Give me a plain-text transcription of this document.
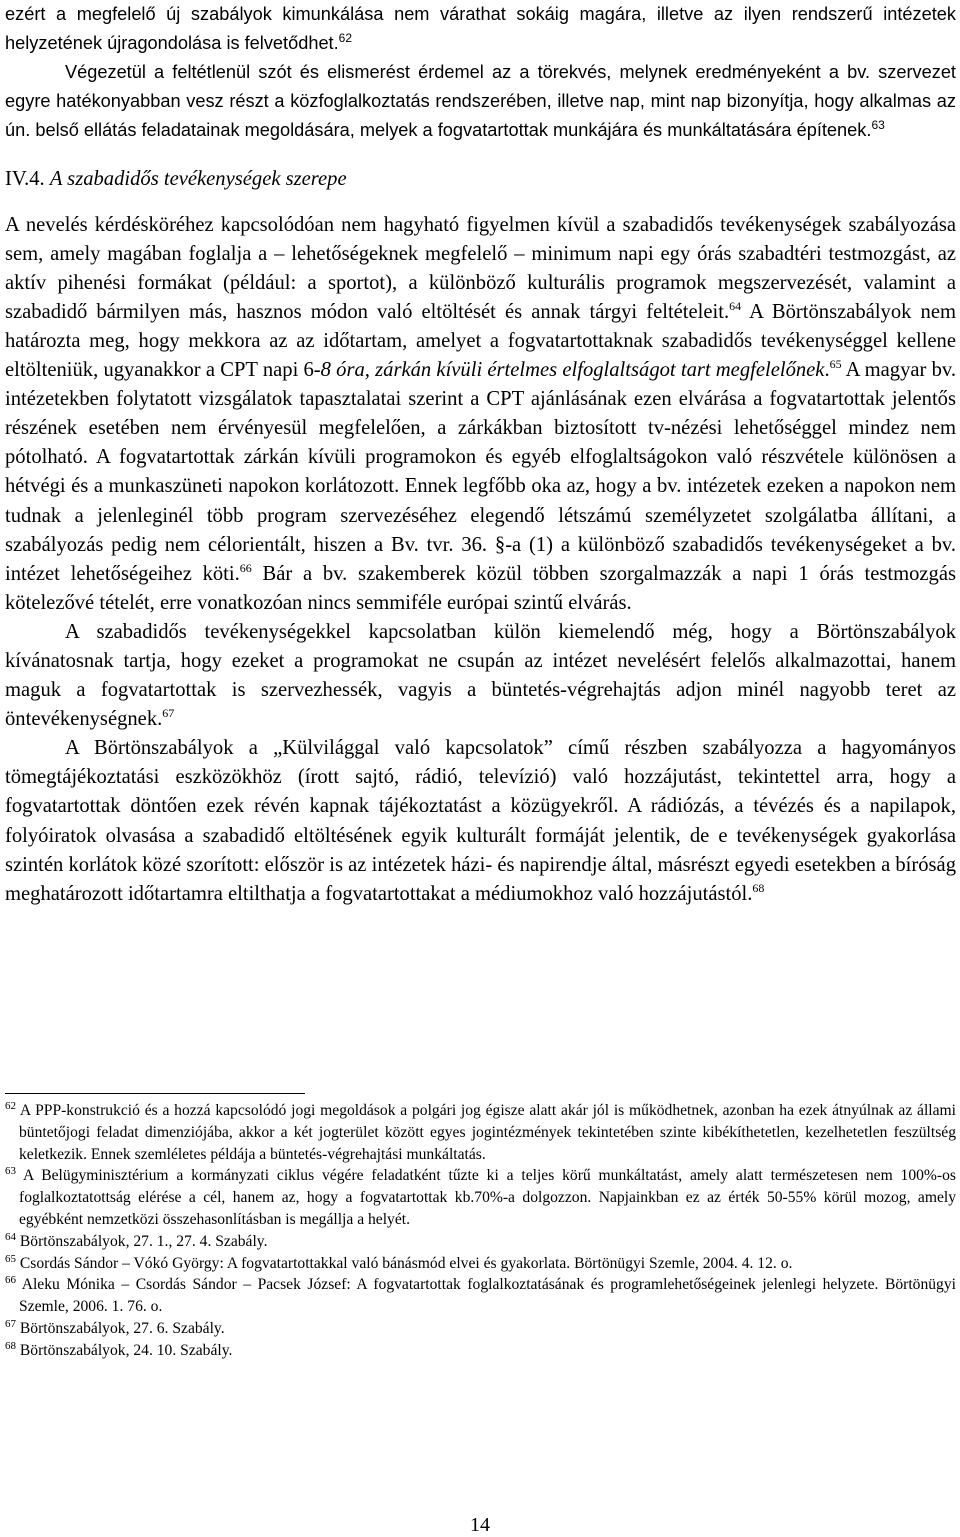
ezért a megfelelő új szabályok kimunkálása nem várathat sokáig magára, illetve az ilyen rendszerű intézetek helyzetének újragondolása is felvetődhet.$^{62}$

Végezetül a feltétlenül szót és elismerést érdemel az a törekvés, melynek eredményeként a bv. szervezet egyre hatékonyabban vesz részt a közfoglalkoztatás rendszerében, illetve nap, mint nap bizonyítja, hogy alkalmas az ún. belső ellátás feladatainak megoldására, melyek a fogvatartottak munkájára és munkáltatására építenek.$^{63}$

IV.4. A szabadidős tevékenységek szerepe

A nevelés kérdésköréhez kapcsolódóan nem hagyható figyelmen kívül a szabadidős tevékenységek szabályozása sem, amely magában foglalja a – lehetőségeknek megfelelő – minimum napi egy órás szabadtéri testmozgást, az aktív pihenési formákat (például: a sportot), a különböző kulturális programok megszervezését, valamint a szabadidő bármilyen más, hasznos módon való eltöltését és annak tárgyi feltételeit.$^{64}$ A Börtönszabályok nem határozta meg, hogy mekkora az az időtartam, amelyet a fogvatartottaknak szabadidős tevékenységgel kellene eltölteniük, ugyanakkor a CPT napi 6-8 óra, zárkán kívüli értelmes elfoglaltságot tart megfelelőnek.$^{65}$ A magyar bv. intézetekben folytatott vizsgálatok tapasztalatai szerint a CPT ajánlásának ezen elvárása a fogvatartottak jelentős részének esetében nem érvényesül megfelelően, a zárkákban biztosított tv-nézési lehetőséggel mindez nem pótolható. A fogvatartottak zárkán kívüli programokon és egyéb elfoglaltságokon való részvétele különösen a hétvégi és a munkaszüneti napokon korlátozott. Ennek legfőbb oka az, hogy a bv. intézetek ezeken a napokon nem tudnak a jelenleginél több program szervezéséhez elegendő létszámú személyzetet szolgálatba állítani, a szabályozás pedig nem célorientált, hiszen a Bv. tvr. 36. §-a (1) a különböző szabadidős tevékenységeket a bv. intézet lehetőségeihez köti.$^{66}$ Bár a bv. szakemberek közül többen szorgalmazzák a napi 1 órás testmozgás kötelezővé tételét, erre vonatkozóan nincs semmiféle európai szintű elvárás.

A szabadidős tevékenységekkel kapcsolatban külön kiemelendő még, hogy a Börtönszabályok kívánatosnak tartja, hogy ezeket a programokat ne csupán az intézet nevelésért felelős alkalmazottai, hanem maguk a fogvatartottak is szervezhessék, vagyis a büntetés-végrehajtás adjon minél nagyobb teret az öntevékenységnek.$^{67}$

A Börtönszabályok a „Külvilággal való kapcsolatok” című részben szabályozza a hagyományos tömegtájékoztatási eszközökhöz (írott sajtó, rádió, televízió) való hozzájutást, tekintettel arra, hogy a fogvatartottak döntően ezek révén kapnak tájékoztatást a közügyekről. A rádiózás, a tévézés és a napilapok, folyóiratok olvasása a szabadidő eltöltésének egyik kulturált formáját jelentik, de e tevékenységek gyakorlása szintén korlátok közé szorított: először is az intézetek házi- és napirendje által, másrészt egyedi esetekben a bíróság meghatározott időtartamra eltilthatja a fogvatartottakat a médiumokhoz való hozzájutástól.$^{68}$

$^{62}$ A PPP-konstrukció és a hozzá kapcsolódó jogi megoldások a polgári jog égisze alatt akár jól is működhetnek, azonban ha ezek átnyúlnak az állami büntetőjogi feladat dimenziójába, akkor a két jogterület között egyes jogintézmények tekintetében szinte kibékíthetetlen, kezelhetetlen feszültség keletkezik. Ennek szemléletes példája a büntetés-végrehajtási munkáltatás.

$^{63}$ A Belügyminisztérium a kormányzati ciklus végére feladatként tűzte ki a teljes körű munkáltatást, amely alatt természetesen nem 100%-os foglalkoztatottság elérése a cél, hanem az, hogy a fogvatartottak kb.70%-a dolgozzon. Napjainkban ez az érték 50-55% körül mozog, amely egyébként nemzetközi összehasonlításban is megállja a helyét.

$^{64}$ Börtönszabályok, 27. 1., 27. 4. Szabály.

$^{65}$ Csordás Sándor – Vókó György: A fogvatartottakkal való bánásmód elvei és gyakorlata. Börtönügyi Szemle, 2004. 4. 12. o.

$^{66}$ Aleku Mónika – Csordás Sándor – Pacsek József: A fogvatartottak foglalkoztatásának és programlehetőségeinek jelenlegi helyzete. Börtönügyi Szemle, 2006. 1. 76. o.

$^{67}$ Börtönszabályok, 27. 6. Szabály.

$^{68}$ Börtönszabályok, 24. 10. Szabály.

14
